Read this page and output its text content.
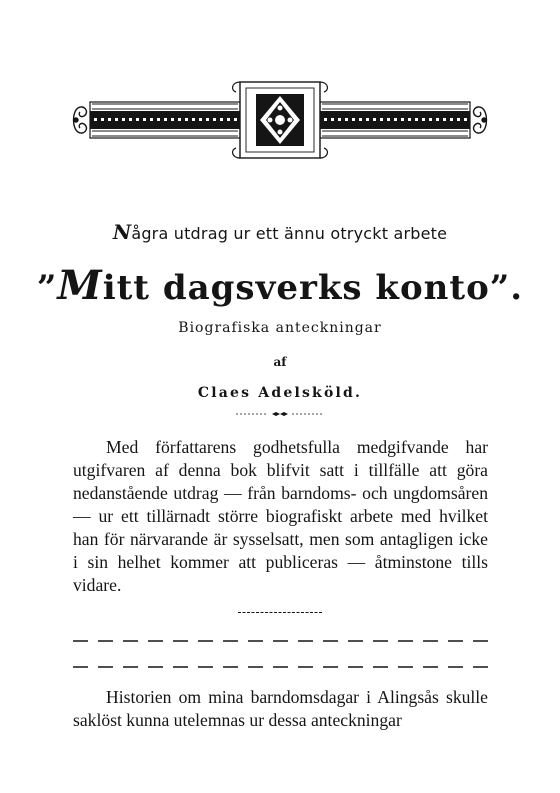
Några utdrag ur ett ännu otryckt arbete
”Mitt dagsverks konto”.
Biografiska anteckningar
af
Claes Adelsköld.
Med författarens godhetsfulla medgifvande har utgifvaren af denna bok blifvit satt i tillfälle att göra nedanstående utdrag — från barndoms- och ungdomsåren — ur ett tillärnadt större biografiskt arbete med hvilket han för närvarande är sysselsatt, men som antagligen icke i sin helhet kommer att publiceras — åtminstone tills vidare.
Historien om mina barndomsdagar i Alingsås skulle saklöst kunna utelemnas ur dessa anteckningar
